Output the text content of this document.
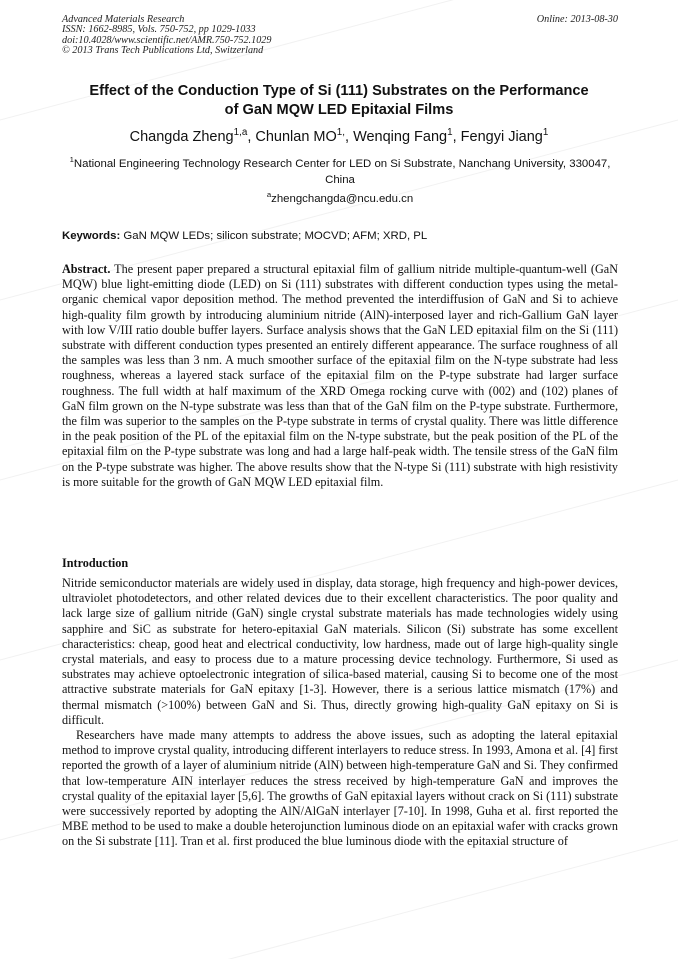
Advanced Materials Research
ISSN: 1662-8985, Vols. 750-752, pp 1029-1033
doi:10.4028/www.scientific.net/AMR.750-752.1029
© 2013 Trans Tech Publications Ltd, Switzerland
Online: 2013-08-30
Effect of the Conduction Type of Si (111) Substrates on the Performance
of GaN MQW LED Epitaxial Films
Changda Zheng$^{1,a}$, Chunlan $MO^{1,}$, Wenqing Fang$^1$, Fengyi Jiang$^1$
$^1$National Engineering Technology Research Center for LED on Si Substrate, Nanchang University, 330047, China
$^a$zhengchangda@ncu.edu.cn
Keywords: GaN MQW LEDs; silicon substrate; MOCVD; AFM; XRD, PL
Abstract. The present paper prepared a structural epitaxial film of gallium nitride multiple-quantum-well (GaN MQW) blue light-emitting diode (LED) on Si (111) substrates with different conduction types using the metal-organic chemical vapor deposition method. The method prevented the interdiffusion of GaN and Si to achieve high-quality film growth by introducing aluminium nitride (AlN)-interposed layer and rich-Gallium GaN layer with low V/III ratio double buffer layers. Surface analysis shows that the GaN LED epitaxial film on the Si (111) substrate with different conduction types presented an entirely different appearance. The surface roughness of all the samples was less than 3 nm. A much smoother surface of the epitaxial film on the N-type substrate had less roughness, whereas a layered stack surface of the epitaxial film on the P-type substrate had larger surface roughness. The full width at half maximum of the XRD Omega rocking curve with (002) and (102) planes of GaN film grown on the N-type substrate was less than that of the GaN film on the P-type substrate. Furthermore, the film was superior to the samples on the P-type substrate in terms of crystal quality. There was little difference in the peak position of the PL of the epitaxial film on the N-type substrate, but the peak position of the PL of the epitaxial film on the P-type substrate was long and had a large half-peak width. The tensile stress of the GaN film on the P-type substrate was higher. The above results show that the N-type Si (111) substrate with high resistivity is more suitable for the growth of GaN MQW LED epitaxial film.
Introduction

Nitride semiconductor materials are widely used in display, data storage, high frequency and high-power devices, ultraviolet photodetectors, and other related devices due to their excellent characteristics. The poor quality and lack large size of gallium nitride (GaN) single crystal substrate materials has made technologies widely using sapphire and SiC as substrate for hetero-epitaxial GaN materials. Silicon (Si) substrate has some excellent characteristics: cheap, good heat and electrical conductivity, low hardness, made out of large high-quality single crystal materials, and easy to process due to a mature processing device technology. Furthermore, Si used as substrates may achieve optoelectronic integration of silica-based material, causing Si to become one of the most attractive substrate materials for GaN epitaxy [1-3]. However, there is a serious lattice mismatch (17%) and thermal mismatch (>100%) between GaN and Si. Thus, directly growing high-quality GaN epitaxy on Si is difficult.

Researchers have made many attempts to address the above issues, such as adopting the lateral epitaxial method to improve crystal quality, introducing different interlayers to reduce stress. In 1993, Amona et al. [4] first reported the growth of a layer of aluminium nitride (AlN) between high-temperature GaN and Si. They confirmed that low-temperature AIN interlayer reduces the stress received by high-temperature GaN and improves the crystal quality of the epitaxial layer [5,6]. The growths of GaN epitaxial layers without crack on Si (111) substrate were successively reported by adopting the AlN/AlGaN interlayer [7-10]. In 1998, Guha et al. first reported the MBE method to be used to make a double heterojunction luminous diode on an epitaxial wafer with cracks grown on the Si substrate [11]. Tran et al. first produced the blue luminous diode with the epitaxial structure of
